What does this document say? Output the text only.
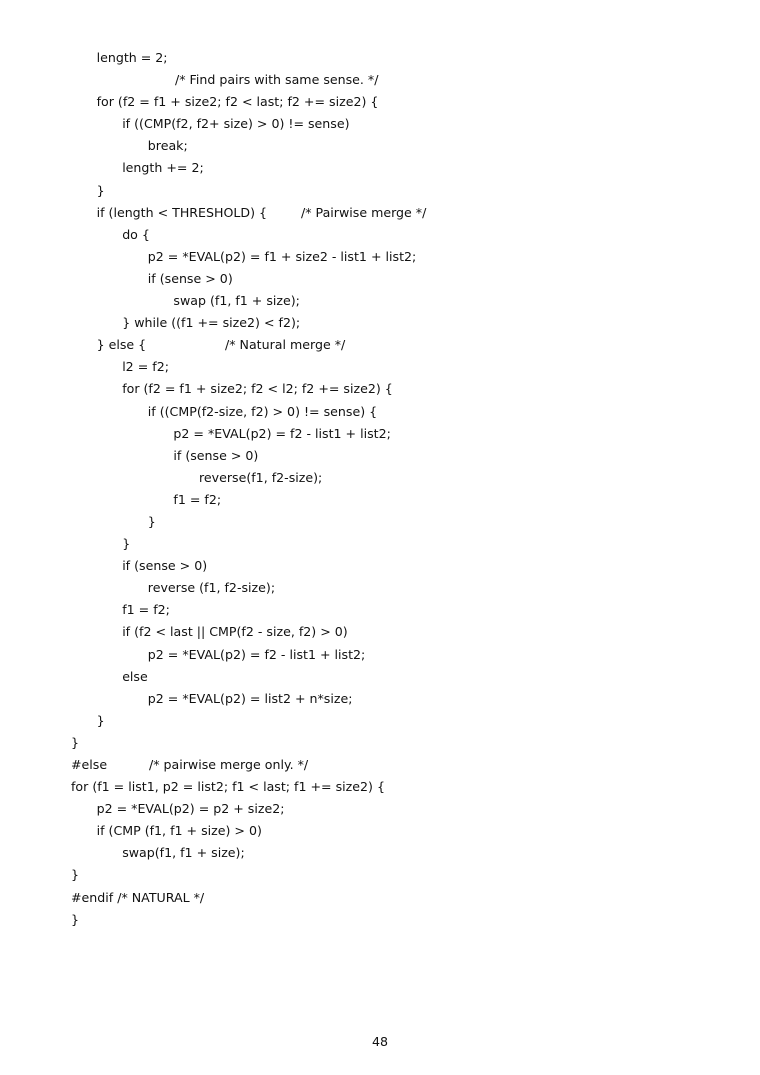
length = 2;
/* Find pairs with same sense. */
for (f2 = f1 + size2; f2 < last; f2 += size2) {
if ((CMP(f2, f2+ size) > 0) != sense)
break;
length += 2;
}
if (length < THRESHOLD) {	/* Pairwise merge */
do {
p2 = *EVAL(p2) = f1 + size2 - list1 + list2;
if (sense > 0)
swap (f1, f1 + size);
} while ((f1 += size2) < f2);
} else {	/* Natural merge */
l2 = f2;
for (f2 = f1 + size2; f2 < l2; f2 += size2) {
if ((CMP(f2-size, f2) > 0) != sense) {
p2 = *EVAL(p2) = f2 - list1 + list2;
if (sense > 0)
reverse(f1, f2-size);
f1 = f2;
}
}
if (sense > 0)
reverse (f1, f2-size);
f1 = f2;
if (f2 < last || CMP(f2 - size, f2) > 0)
p2 = *EVAL(p2) = f2 - list1 + list2;
else
p2 = *EVAL(p2) = list2 + n*size;
}
}
#else	/* pairwise merge only. */
for (f1 = list1, p2 = list2; f1 < last; f1 += size2) {
p2 = *EVAL(p2) = p2 + size2;
if (CMP (f1, f1 + size) > 0)
swap(f1, f1 + size);
}
#endif /* NATURAL */
}
48
